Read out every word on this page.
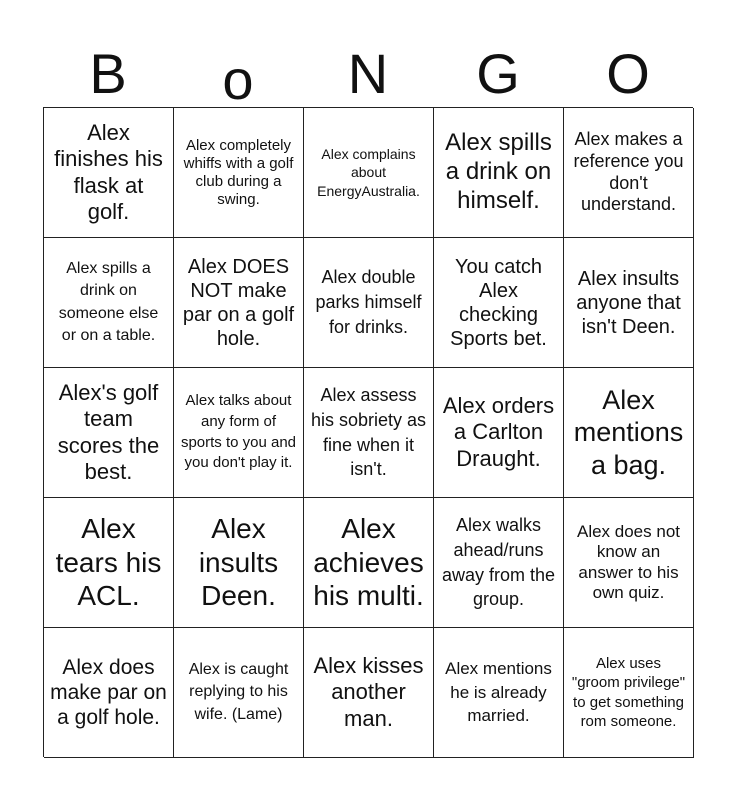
B	o	N	G	O
Alex finishes his flask at golf.
Alex completely whiffs with a golf club during a swing.
Alex complains about EnergyAustralia.
Alex spills a drink on himself.
Alex makes a reference you don't understand.
Alex spills a drink on someone else or on a table.
Alex DOES NOT make par on a golf hole.
Alex double parks himself for drinks.
You catch Alex checking Sports bet.
Alex insults anyone that isn't Deen.
Alex's golf team scores the best.
Alex talks about any form of sports to you and you don't play it.
Alex assess his sobriety as fine when it isn't.
Alex orders a Carlton Draught.
Alex mentions a bag.
Alex tears his ACL.
Alex insults Deen.
Alex achieves his multi.
Alex walks ahead/runs away from the group.
Alex does not know an answer to his own quiz.
Alex does make par on a golf hole.
Alex is caught replying to his wife. (Lame)
Alex kisses another man.
Alex mentions he is already married.
Alex uses "groom privilege" to get something rom someone.
